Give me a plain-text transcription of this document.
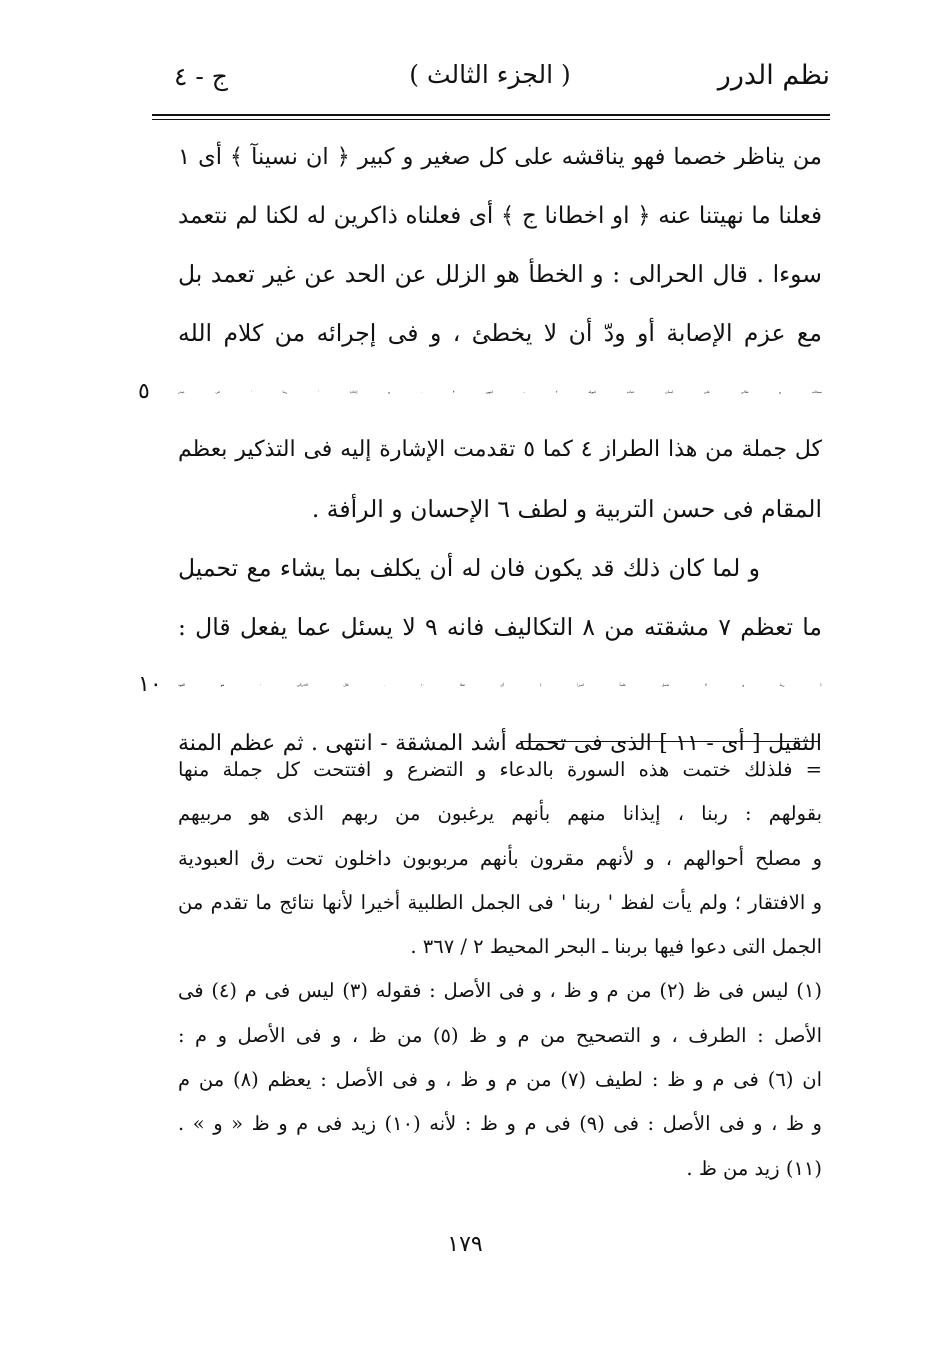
نظم الدرر
( الجزء الثالث )
ج - ٤
من يناظر خصما فهو يناقشه على كل صغير و كبير ﴿ ان نسينآ ﴾ أى ١
فعلنا ما نهيتنا عنه ﴿ او اخطانا ج ﴾ أى فعلناه ذاكرين له لكنا لم نتعمد
سوءا . قال الحرالى : و الخطأ هو الزلل عن الحد عن غير تعمد بل
مع عزم الإصابة أو ودّ أن لا يخطئ ، و فى إجرائه من كلام الله
سبحانه و تعالى على لسان عباده قبوله ٢ ـ انتهى ٣ . و إعادة ' ربنا ' فى صدر
٥
كل جملة من هذا الطراز ٤ كما ٥ تقدمت الإشارة إليه فى التذكير بعظم
المقام فى حسن التربية و لطف ٦ الإحسان و الرأفة .
و لما كان ذلك قد يكون فان له أن يكلف بما يشاء مع تحميل
ما تعظم ٧ مشقته من ٨ التكاليف فانه ٩ لا يسئل عما يفعل قال :
﴿ ربنا و لا تحمل علينآ اصرا ﴾ أى ثقلا ١٠ . قال الحرالى : هو العهد
١٠
الثقيل [ أى - ١١ ] الذى فى تحمله أشد المشقة - انتهى . ثم عظم المنة
= فلذلك ختمت هذه السورة بالدعاء و التضرع و افتتحت كل جملة منها
بقولهم : ربنا ، إيذانا منهم بأنهم يرغبون من ربهم الذى هو مربيهم
و مصلح أحوالهم ، و لأنهم مقرون بأنهم مربوبون داخلون تحت رق العبودية
و الافتقار ؛ ولم يأت لفظ ' ربنا ' فى الجمل الطلبية أخيرا لأنها نتائج ما تقدم من
الجمل التى دعوا فيها بربنا ـ البحر المحيط ٢ / ٣٦٧ .
(١) ليس فى ظ (٢) من م و ظ ، و فى الأصل : فقوله (٣) ليس فى م (٤) فى
الأصل : الطرف ، و التصحيح من م و ظ (٥) من ظ ، و فى الأصل و م :
ان (٦) فى م و ظ : لطيف (٧) من م و ظ ، و فى الأصل : يعظم (٨) من م
و ظ ، و فى الأصل : فى (٩) فى م و ظ : لأنه (١٠) زيد فى م و ظ « و » .
(١١) زيد من ظ .
١٧٩
